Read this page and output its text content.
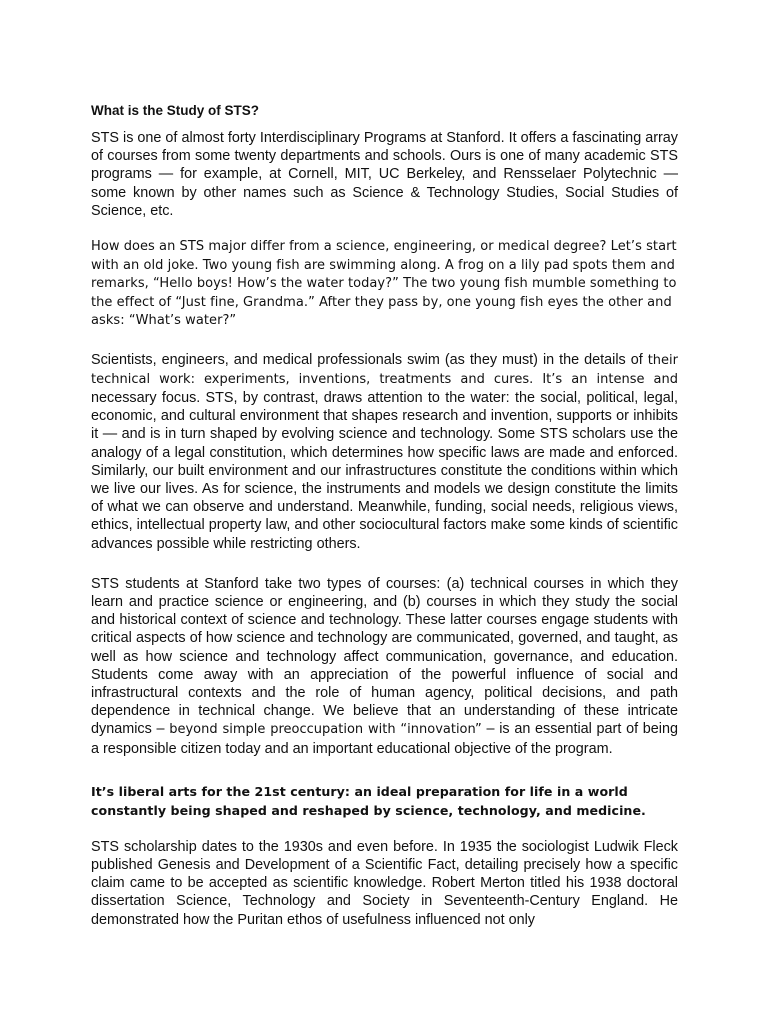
What is the Study of STS?

STS is one of almost forty Interdisciplinary Programs at Stanford. It offers a fascinating array of courses from some twenty departments and schools. Ours is one of many academic STS programs — for example, at Cornell, MIT, UC Berkeley, and Rensselaer Polytechnic — some known by other names such as Science & Technology Studies, Social Studies of Science, etc.

How does an STS major differ from a science, engineering, or medical degree? Let’s start with an old joke. Two young fish are swimming along. A frog on a lily pad spots them and remarks, “Hello boys! How’s the water today?” The two young fish mumble something to the effect of “Just fine, Grandma.” After they pass by, one young fish eyes the other and asks: “What’s water?”

Scientists, engineers, and medical professionals swim (as they must) in the details of their technical work: experiments, inventions, treatments and cures. It’s an intense and necessary focus. STS, by contrast, draws attention to the water: the social, political, legal, economic, and cultural environment that shapes research and invention, supports or inhibits it — and is in turn shaped by evolving science and technology. Some STS scholars use the analogy of a legal constitution, which determines how specific laws are made and enforced. Similarly, our built environment and our infrastructures constitute the conditions within which we live our lives. As for science, the instruments and models we design constitute the limits of what we can observe and understand. Meanwhile, funding, social needs, religious views, ethics, intellectual property law, and other sociocultural factors make some kinds of scientific advances possible while restricting others.

STS students at Stanford take two types of courses: (a) technical courses in which they learn and practice science or engineering, and (b) courses in which they study the social and historical context of science and technology. These latter courses engage students with critical aspects of how science and technology are communicated, governed, and taught, as well as how science and technology affect communication, governance, and education. Students come away with an appreciation of the powerful influence of social and infrastructural contexts and the role of human agency, political decisions, and path dependence in technical change. We believe that an understanding of these intricate dynamics – beyond simple preoccupation with “innovation” – is an essential part of being a responsible citizen today and an important educational objective of the program.

It’s liberal arts for the 21st century: an ideal preparation for life in a world constantly being shaped and reshaped by science, technology, and medicine.

STS scholarship dates to the 1930s and even before. In 1935 the sociologist Ludwik Fleck published Genesis and Development of a Scientific Fact, detailing precisely how a specific claim came to be accepted as scientific knowledge. Robert Merton titled his 1938 doctoral dissertation Science, Technology and Society in Seventeenth-Century England. He demonstrated how the Puritan ethos of usefulness influenced not only
